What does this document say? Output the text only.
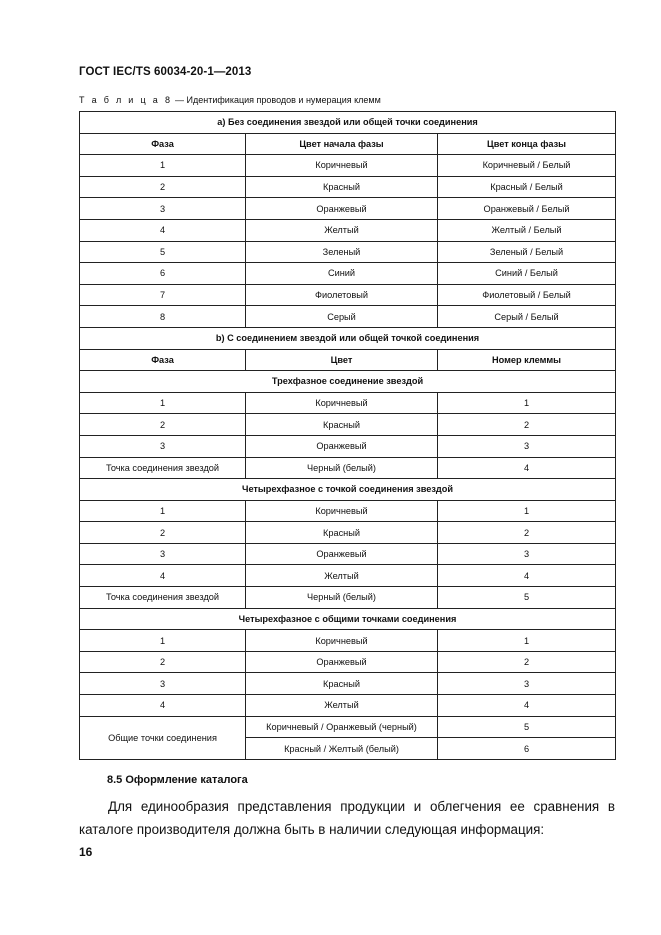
ГОСТ IEC/TS 60034-20-1—2013
Т а б л и ц а 8 — Идентификация проводов и нумерация клемм
а) Без соединения звездой или общей точки соединения		
Фаза	Цвет начала фазы	Цвет конца фазы
1	Коричневый	Коричневый / Белый
2	Красный	Красный / Белый
3	Оранжевый	Оранжевый / Белый
4	Желтый	Желтый / Белый
5	Зеленый	Зеленый / Белый
6	Синий	Синий / Белый
7	Фиолетовый	Фиолетовый / Белый
8	Серый	Серый / Белый
b) С соединением звездой или общей точкой соединения		
Фаза	Цвет	Номер клеммы
Трехфазное соединение звездой		
1	Коричневый	1
2	Красный	2
3	Оранжевый	3
Точка соединения звездой	Черный (белый)	4
Четырехфазное с точкой соединения звездой		
1	Коричневый	1
2	Красный	2
3	Оранжевый	3
4	Желтый	4
Точка соединения звездой	Черный (белый)	5
Четырехфазное с общими точками соединения		
1	Коричневый	1
2	Оранжевый	2
3	Красный	3
4	Желтый	4
Общие точки соединения	Коричневый / Оранжевый (черный)	5
	Красный / Желтый (белый)	6
8.5 Оформление каталога

Для единообразия представления продукции и облегчения ее сравнения в каталоге производителя должна быть в наличии следующая информация:

16
